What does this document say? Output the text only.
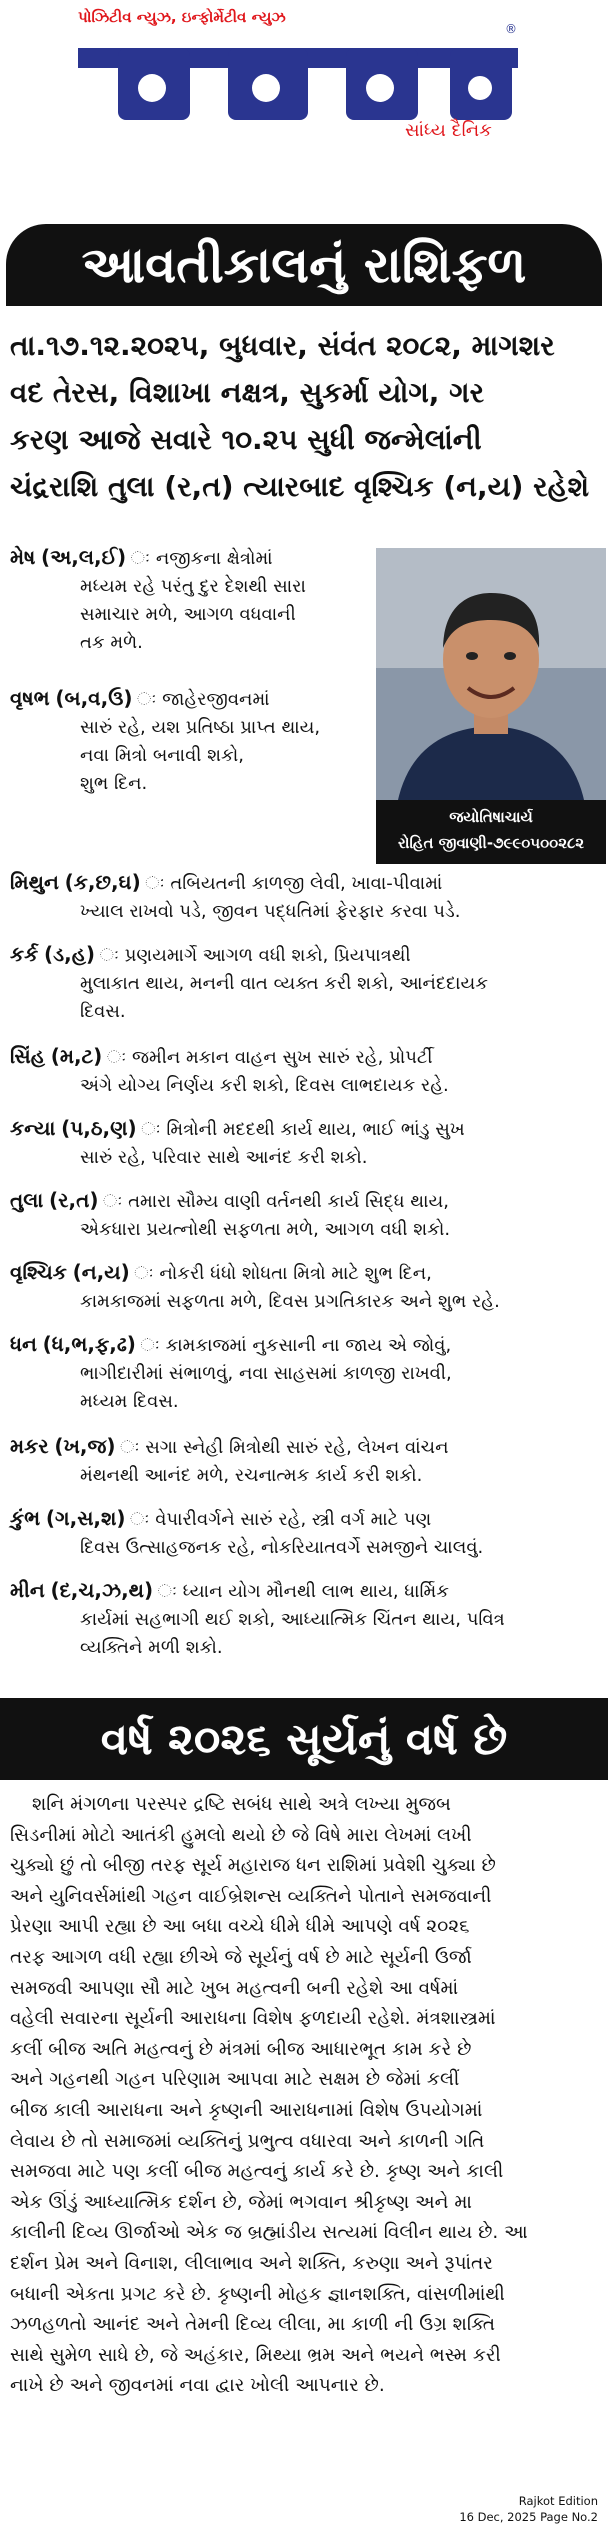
પોઝિટીવ ન્યુઝ, ઇન્ફોર્મેટીવ ન્યુઝ
®
સાંધ્ય દૈનિક
આવતીકાલનું રાશિફળ
તા.૧૭.૧૨.૨૦૨૫, બુધવાર, સંવંત ૨૦૮૨, માગશર
વદ તેરસ, વિશાખા નક્ષત્ર, સુકર્મા યોગ, ગર
કરણ આજે સવારે ૧૦.૨૫ સુધી જન્મેલાંની
ચંદ્રરાશિ તુલા (ર,ત) ત્યારબાદ વૃશ્ચિક (ન,ય) રહેશે
જયોતિષાચાર્ય
રોહિત જીવાણી-૭૯૯૦૫૦૦૨૮૨
મેષ (અ,લ,ઈ) ઃ નજીકના ક્ષેત્રોમાં
મધ્યમ રહે પરંતુ દુર દેશથી સારા
સમાચાર મળે, આગળ વધવાની
તક મળે.
વૃષભ (બ,વ,ઉ) ઃ જાહેરજીવનમાં
સારું રહે, યશ પ્રતિષ્ઠા પ્રાપ્ત થાય,
નવા મિત્રો બનાવી શકો,
શુભ દિન.
મિથુન (ક,છ,ઘ) ઃ તબિયતની કાળજી લેવી, ખાવા-પીવામાં
ખ્યાલ રાખવો પડે, જીવન પદ્ધતિમાં ફેરફાર કરવા પડે.
કર્ક (ડ,હ) ઃ પ્રણયમાર્ગે આગળ વધી શકો, પ્રિયપાત્રથી
મુલાકાત થાય, મનની વાત વ્યક્ત કરી શકો, આનંદદાયક
દિવસ.
સિંહ (મ,ટ) ઃ જમીન મકાન વાહન સુખ સારું રહે, પ્રોપર્ટી
અંગે યોગ્ય નિર્ણય કરી શકો, દિવસ લાભદાયક રહે.
કન્યા (પ,ઠ,ણ) ઃ મિત્રોની મદદથી કાર્ય થાય, ભાઈ ભાંડુ સુખ
સારું રહે, પરિવાર સાથે આનંદ કરી શકો.
તુલા (ર,ત) ઃ તમારા સૌમ્ય વાણી વર્તનથી કાર્ય સિદ્ધ થાય,
એકધારા પ્રયત્નોથી સફળતા મળે, આગળ વધી શકો.
વૃશ્ચિક (ન,ય) ઃ નોકરી ધંધો શોધતા મિત્રો માટે શુભ દિન,
કામકાજમાં સફળતા મળે, દિવસ પ્રગતિકારક અને શુભ રહે.
ધન (ધ,ભ,ફ,ઢ) ઃ કામકાજમાં નુકસાની ના જાય એ જોવું,
ભાગીદારીમાં સંભાળવું, નવા સાહસમાં કાળજી રાખવી,
મધ્યમ દિવસ.
મકર (ખ,જ) ઃ સગા સ્નેહી મિત્રોથી સારું રહે, લેખન વાંચન
મંથનથી આનંદ મળે, રચનાત્મક કાર્ય કરી શકો.
કુંભ (ગ,સ,શ) ઃ વેપારીવર્ગને સારું રહે, સ્ત્રી વર્ગ માટે પણ
દિવસ ઉત્સાહજનક રહે, નોકરિયાતવર્ગે સમજીને ચાલવું.
મીન (દ,ચ,ઝ,થ) ઃ ધ્યાન યોગ મૌનથી લાભ થાય, ધાર્મિક
કાર્યમાં સહભાગી થઈ શકો, આધ્યાત્મિક ચિંતન થાય, પવિત્ર
વ્યક્તિને મળી શકો.
વર્ષ ૨૦૨૬ સૂર્યનું વર્ષ છે
શનિ મંગળના પરસ્પર દ્રષ્ટિ સબંધ સાથે અત્રે લખ્યા મુજબ
સિડનીમાં મોટો આતંકી હુમલો થયો છે જે વિષે મારા લેખમાં લખી
ચુક્યો છું તો બીજી તરફ સૂર્ય મહારાજ ધન રાશિમાં પ્રવેશી ચુક્યા છે
અને યુનિવર્સમાંથી ગહન વાઈબ્રેશન્સ વ્યક્તિને પોતાને સમજવાની
પ્રેરણા આપી રહ્યા છે આ બધા વચ્ચે ધીમે ધીમે આપણે વર્ષ ૨૦૨૬
તરફ આગળ વધી રહ્યા છીએ જે સૂર્યનું વર્ષ છે માટે સૂર્યની ઉર્જા
સમજવી આપણા સૌ માટે ખુબ મહત્વની બની રહેશે આ વર્ષમાં
વહેલી સવારના સૂર્યની આરાધના વિશેષ ફળદાયી રહેશે. મંત્રશાસ્ત્રમાં
કલીં બીજ અતિ મહત્વનું છે મંત્રમાં બીજ આધારભૂત કામ કરે છે
અને ગહનથી ગહન પરિણામ આપવા માટે સક્ષમ છે જેમાં કલીં
બીજ કાલી આરાધના અને કૃષ્ણની આરાધનામાં વિશેષ ઉપયોગમાં
લેવાય છે તો સમાજમાં વ્યક્તિનું પ્રભુત્વ વધારવા અને કાળની ગતિ
સમજવા માટે પણ કલીં બીજ મહત્વનું કાર્ય કરે છે. કૃષ્ણ અને કાલી
એક ઊંડું આધ્યાત્મિક દર્શન છે, જેમાં ભગવાન શ્રીકૃષ્ણ અને મા
કાલીની દિવ્ય ઊર્જાઓ એક જ બ્રહ્માંડીય સત્યમાં વિલીન થાય છે. આ
દર્શન પ્રેમ અને વિનાશ, લીલાભાવ અને શક્તિ, કરુણા અને રૂપાંતર
બધાની એકતા પ્રગટ કરે છે. કૃષ્ણની મોહક જ્ઞાનશક્તિ, વાંસળીમાંથી
ઝળહળતો આનંદ અને તેમની દિવ્ય લીલા, મા કાળી ની ઉગ્ર શક્તિ
સાથે સુમેળ સાધે છે, જે અહંકાર, મિથ્યા ભ્રમ અને ભયને ભસ્મ કરી
નાખે છે અને જીવનમાં નવા દ્વાર ખોલી આપનાર છે.
Rajkot Edition
16 Dec, 2025 Page No.2
